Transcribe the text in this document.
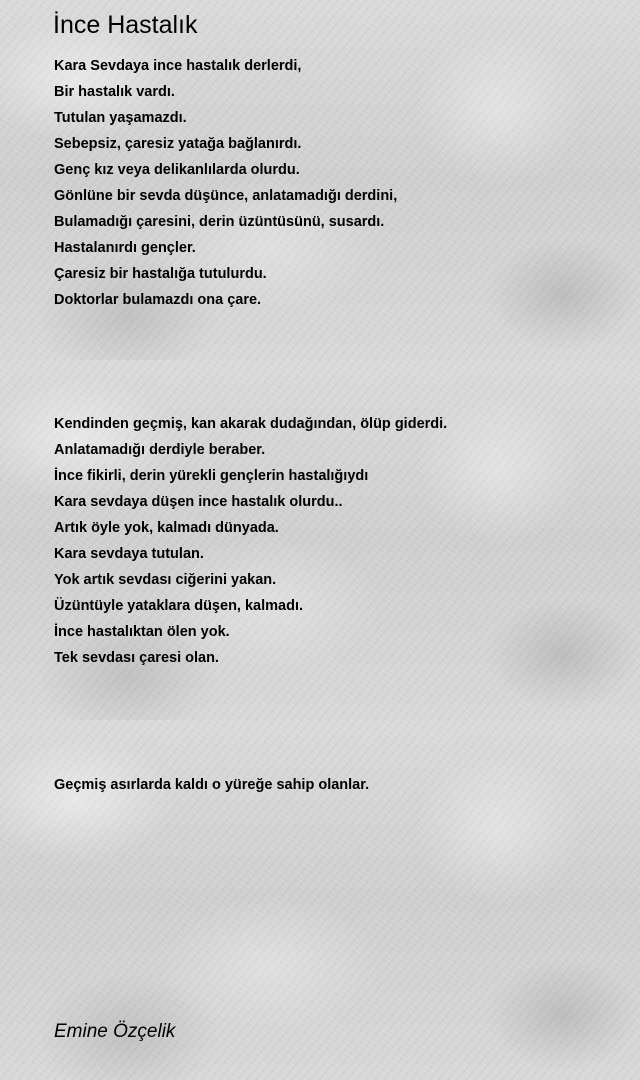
İnce Hastalık
Kara Sevdaya ince hastalık derlerdi,
Bir hastalık vardı.
Tutulan yaşamazdı.
Sebepsiz, çaresiz yatağa bağlanırdı.
Genç kız veya delikanlılarda olurdu.
Gönlüne bir sevda düşünce, anlatamadığı derdini,
Bulamadığı çaresini, derin üzüntüsünü, susardı.
Hastalanırdı gençler.
Çaresiz bir hastalığa tutulurdu.
Doktorlar bulamazdı ona çare.
Kendinden geçmiş, kan akarak dudağından, ölüp giderdi.
Anlatamadığı derdiyle beraber.
İnce fikirli, derin yürekli gençlerin hastalığıydı
Kara sevdaya düşen ince hastalık olurdu..
Artık öyle yok, kalmadı dünyada.
Kara sevdaya tutulan.
Yok artık sevdası ciğerini yakan.
Üzüntüyle yataklara düşen, kalmadı.
İnce hastalıktan ölen yok.
Tek sevdası çaresi olan.
Geçmiş asırlarda kaldı o yüreğe sahip olanlar.

Emine Özçelik
